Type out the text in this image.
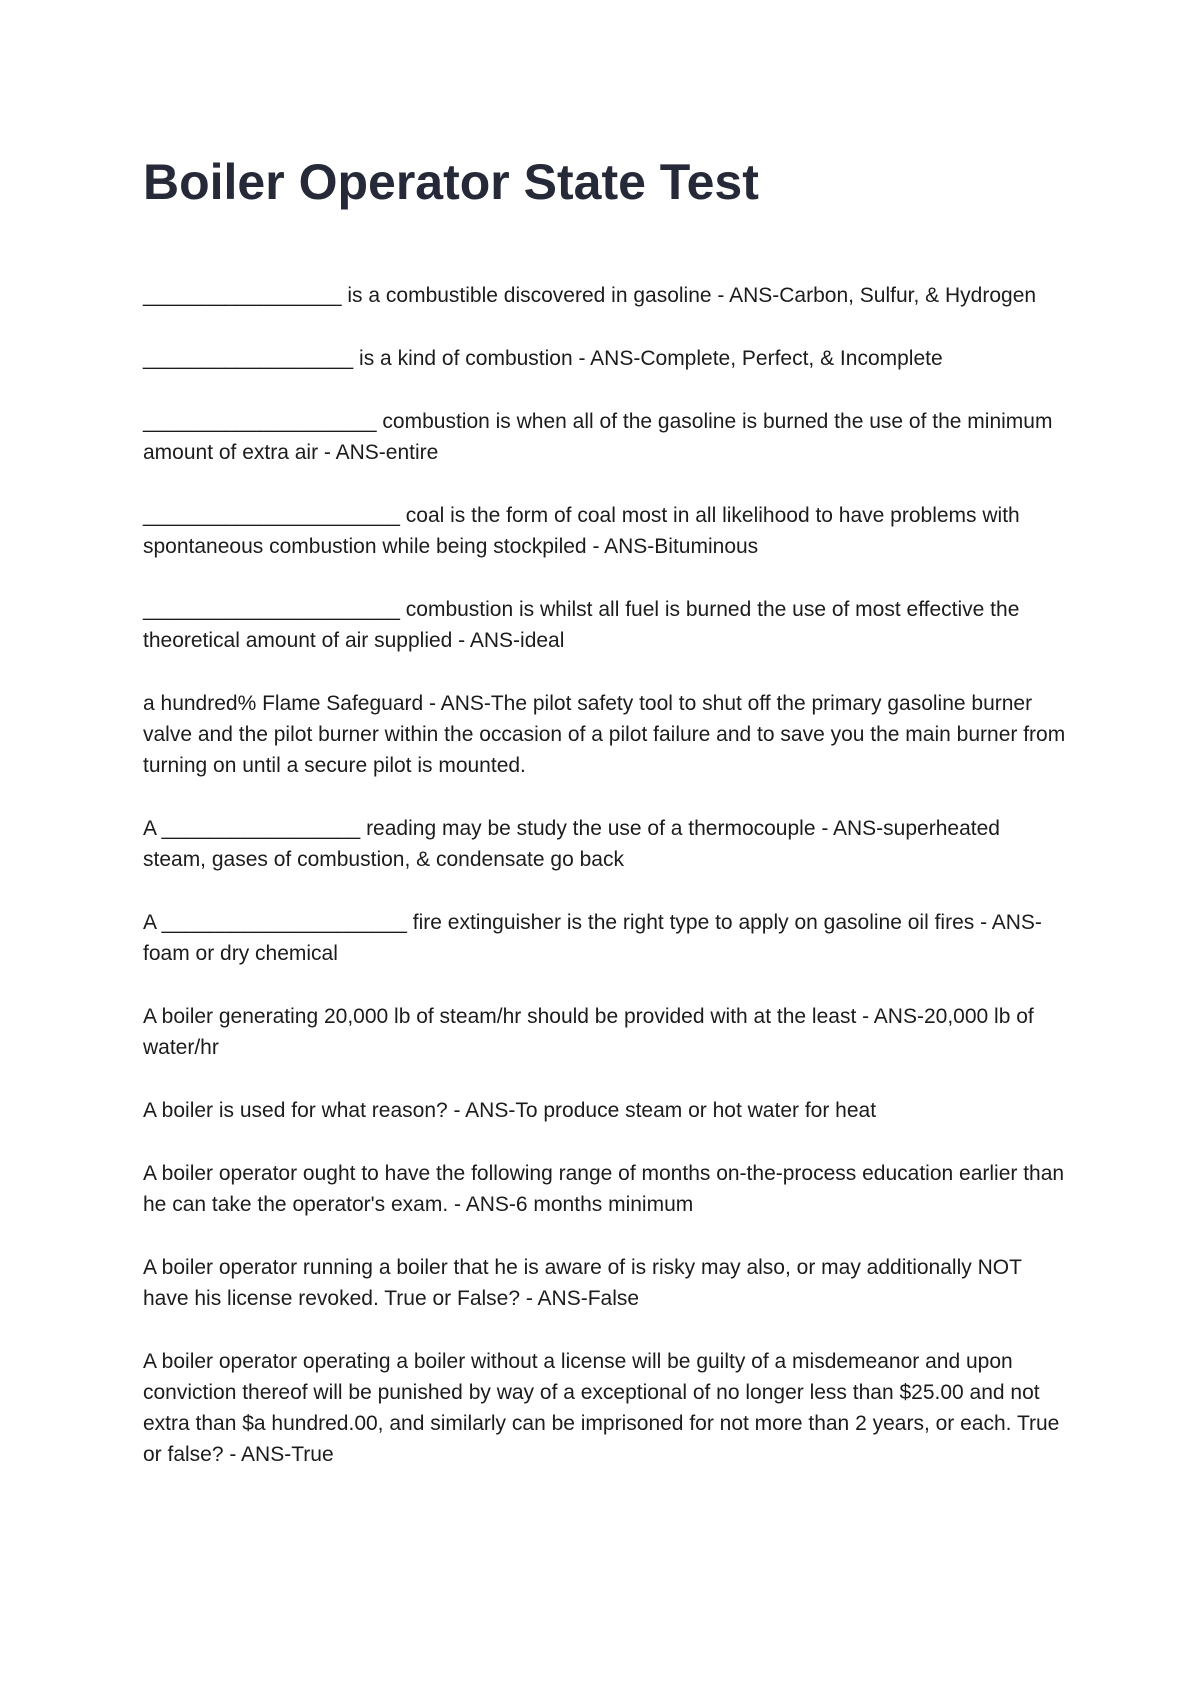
Boiler Operator State Test

_________________ is a combustible discovered in gasoline - ANS-Carbon, Sulfur, & Hydrogen

__________________ is a kind of combustion - ANS-Complete, Perfect, & Incomplete

____________________ combustion is when all of the gasoline is burned the use of the minimum amount of extra air - ANS-entire

______________________ coal is the form of coal most in all likelihood to have problems with spontaneous combustion while being stockpiled - ANS-Bituminous

______________________ combustion is whilst all fuel is burned the use of most effective the theoretical amount of air supplied - ANS-ideal

a hundred% Flame Safeguard - ANS-The pilot safety tool to shut off the primary gasoline burner valve and the pilot burner within the occasion of a pilot failure and to save you the main burner from turning on until a secure pilot is mounted.

A _________________ reading may be study the use of a thermocouple - ANS-superheated steam, gases of combustion, & condensate go back

A _____________________ fire extinguisher is the right type to apply on gasoline oil fires - ANS-foam or dry chemical

A boiler generating 20,000 lb of steam/hr should be provided with at the least - ANS-20,000 lb of water/hr

A boiler is used for what reason? - ANS-To produce steam or hot water for heat

A boiler operator ought to have the following range of months on-the-process education earlier than he can take the operator's exam. - ANS-6 months minimum

A boiler operator running a boiler that he is aware of is risky may also, or may additionally NOT have his license revoked. True or False? - ANS-False

A boiler operator operating a boiler without a license will be guilty of a misdemeanor and upon conviction thereof will be punished by way of a exceptional of no longer less than $25.00 and not extra than $a hundred.00, and similarly can be imprisoned for not more than 2 years, or each. True or false? - ANS-True
